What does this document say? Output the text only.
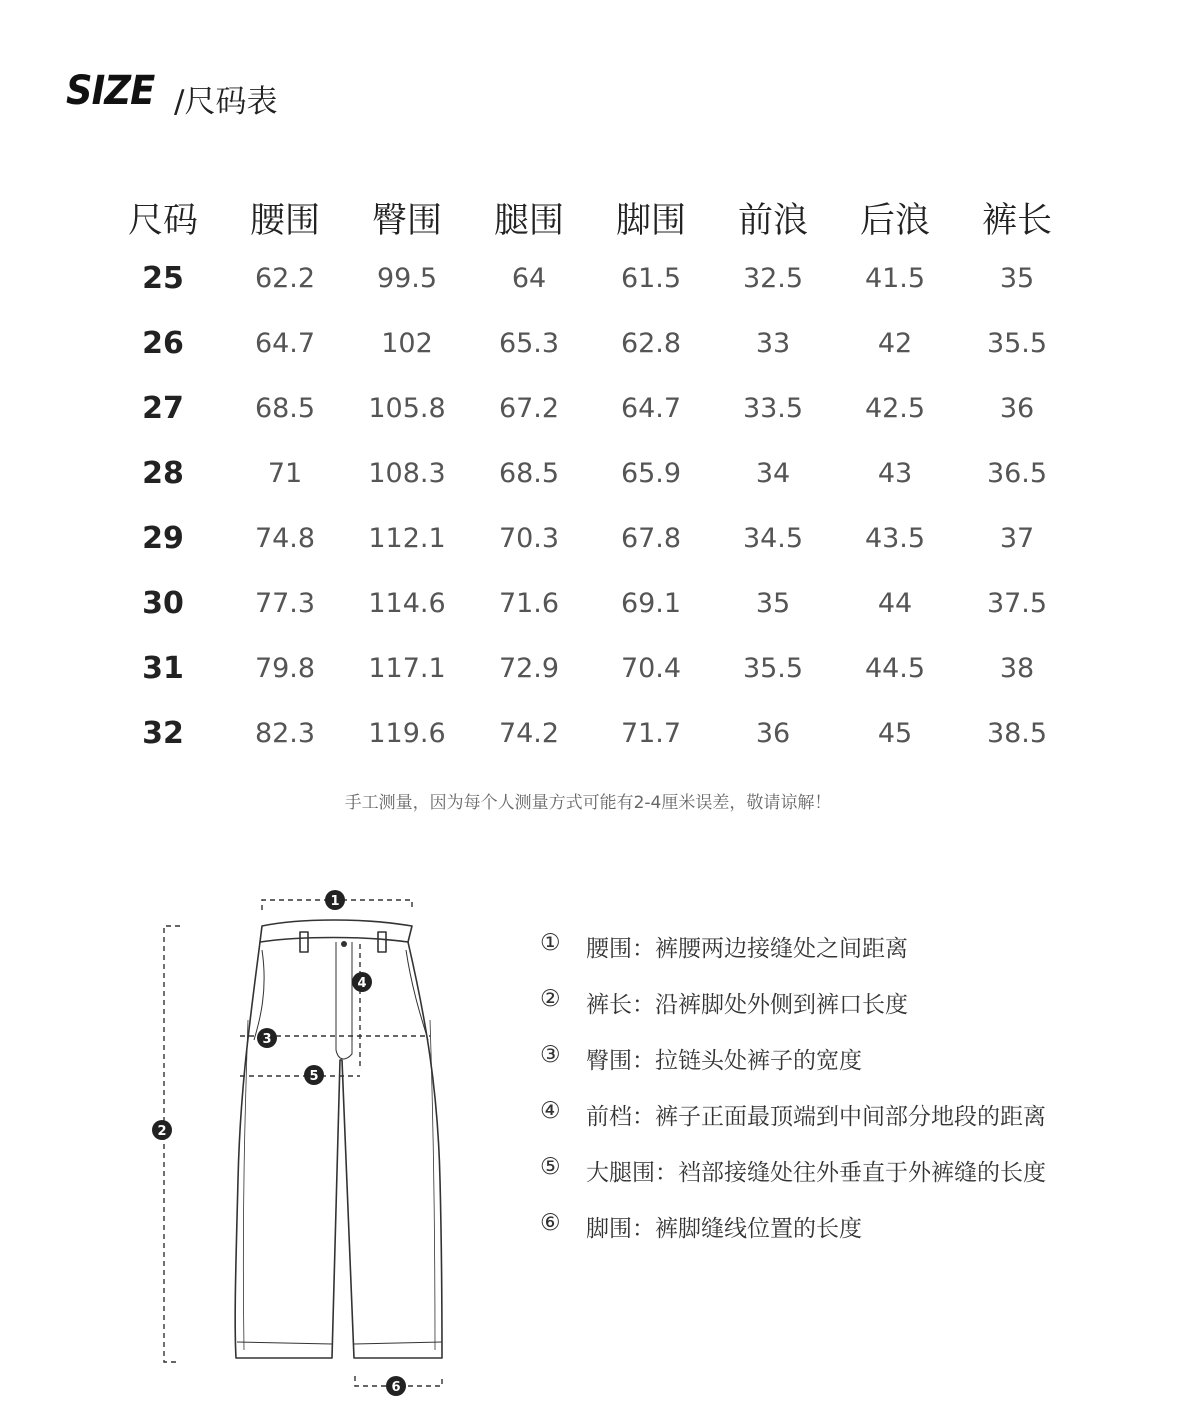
SIZE /尺码表
尺码	腰围	臀围	腿围	脚围	前浪	后浪	裤长
25	62.2	99.5	64	61.5	32.5	41.5	35
26	64.7	102	65.3	62.8	33	42	35.5
27	68.5	105.8	67.2	64.7	33.5	42.5	36
28	71	108.3	68.5	65.9	34	43	36.5
29	74.8	112.1	70.3	67.8	34.5	43.5	37
30	77.3	114.6	71.6	69.1	35	44	37.5
31	79.8	117.1	72.9	70.4	35.5	44.5	38
32	82.3	119.6	74.2	71.7	36	45	38.5
手工测量，因为每个人测量方式可能有2-4厘米误差，敬请谅解！
1
2
3
4
5
6
①	腰围：裤腰两边接缝处之间距离
②	裤长：沿裤脚处外侧到裤口长度
③	臀围：拉链头处裤子的宽度
④	前档：裤子正面最顶端到中间部分地段的距离
⑤	大腿围：裆部接缝处往外垂直于外裤缝的长度
⑥	脚围：裤脚缝线位置的长度
